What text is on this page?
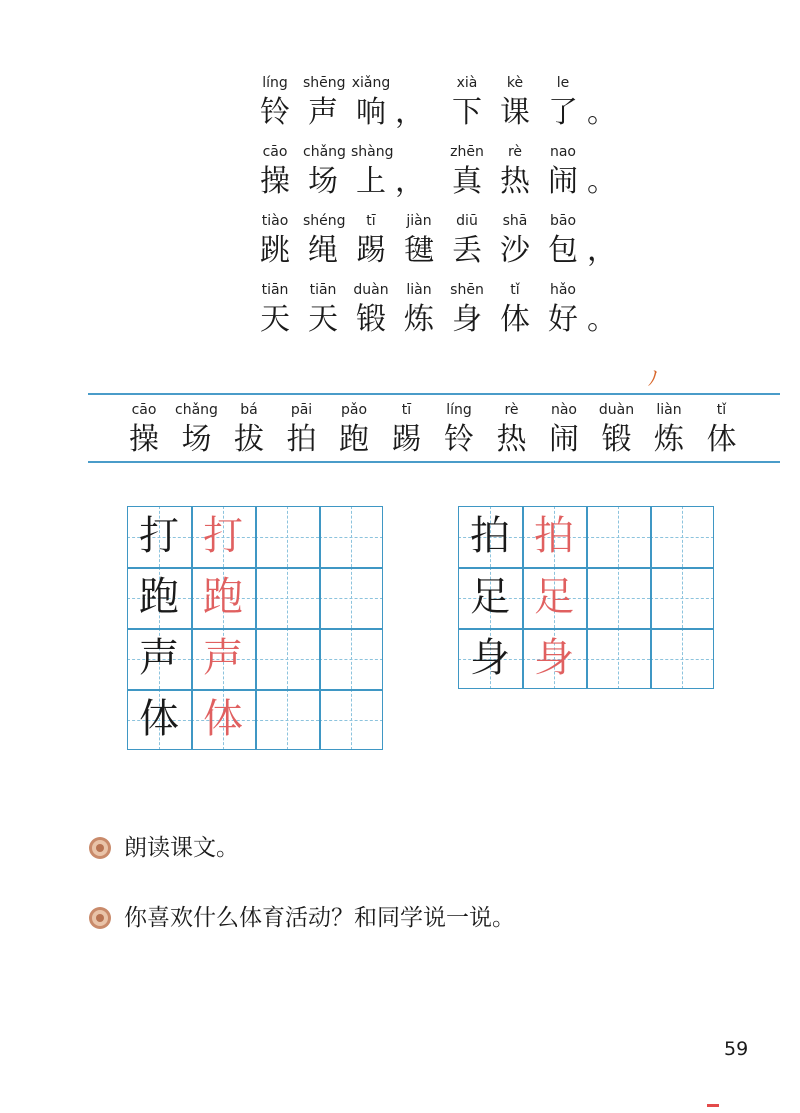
líng
铃
shēng
声
xiǎng
响
xià
下
kè
课
le
了
，	。
cāo
操
chǎng
场
shàng
上
zhēn
真
rè
热
nao
闹
，	。
tiào
跳
shéng
绳
tī
踢
jiàn
毽
diū
丢
shā
沙
bāo
包 ，
tiān
天
tiān
天
duàn
锻
liàn
炼
shēn
身
tǐ
体
hǎo
好 。
ﾉ
cāo
操
chǎng
场
bá
拔
pāi
拍
pǎo
跑
tī
踢
líng
铃
rè
热
nào
闹
duàn
锻
liàn
炼
tǐ
体
打 打
跑 跑
声 声
体 体
拍 拍
足 足
身 身
朗读课文。
你喜欢什么体育活动？和同学说一说。
59
